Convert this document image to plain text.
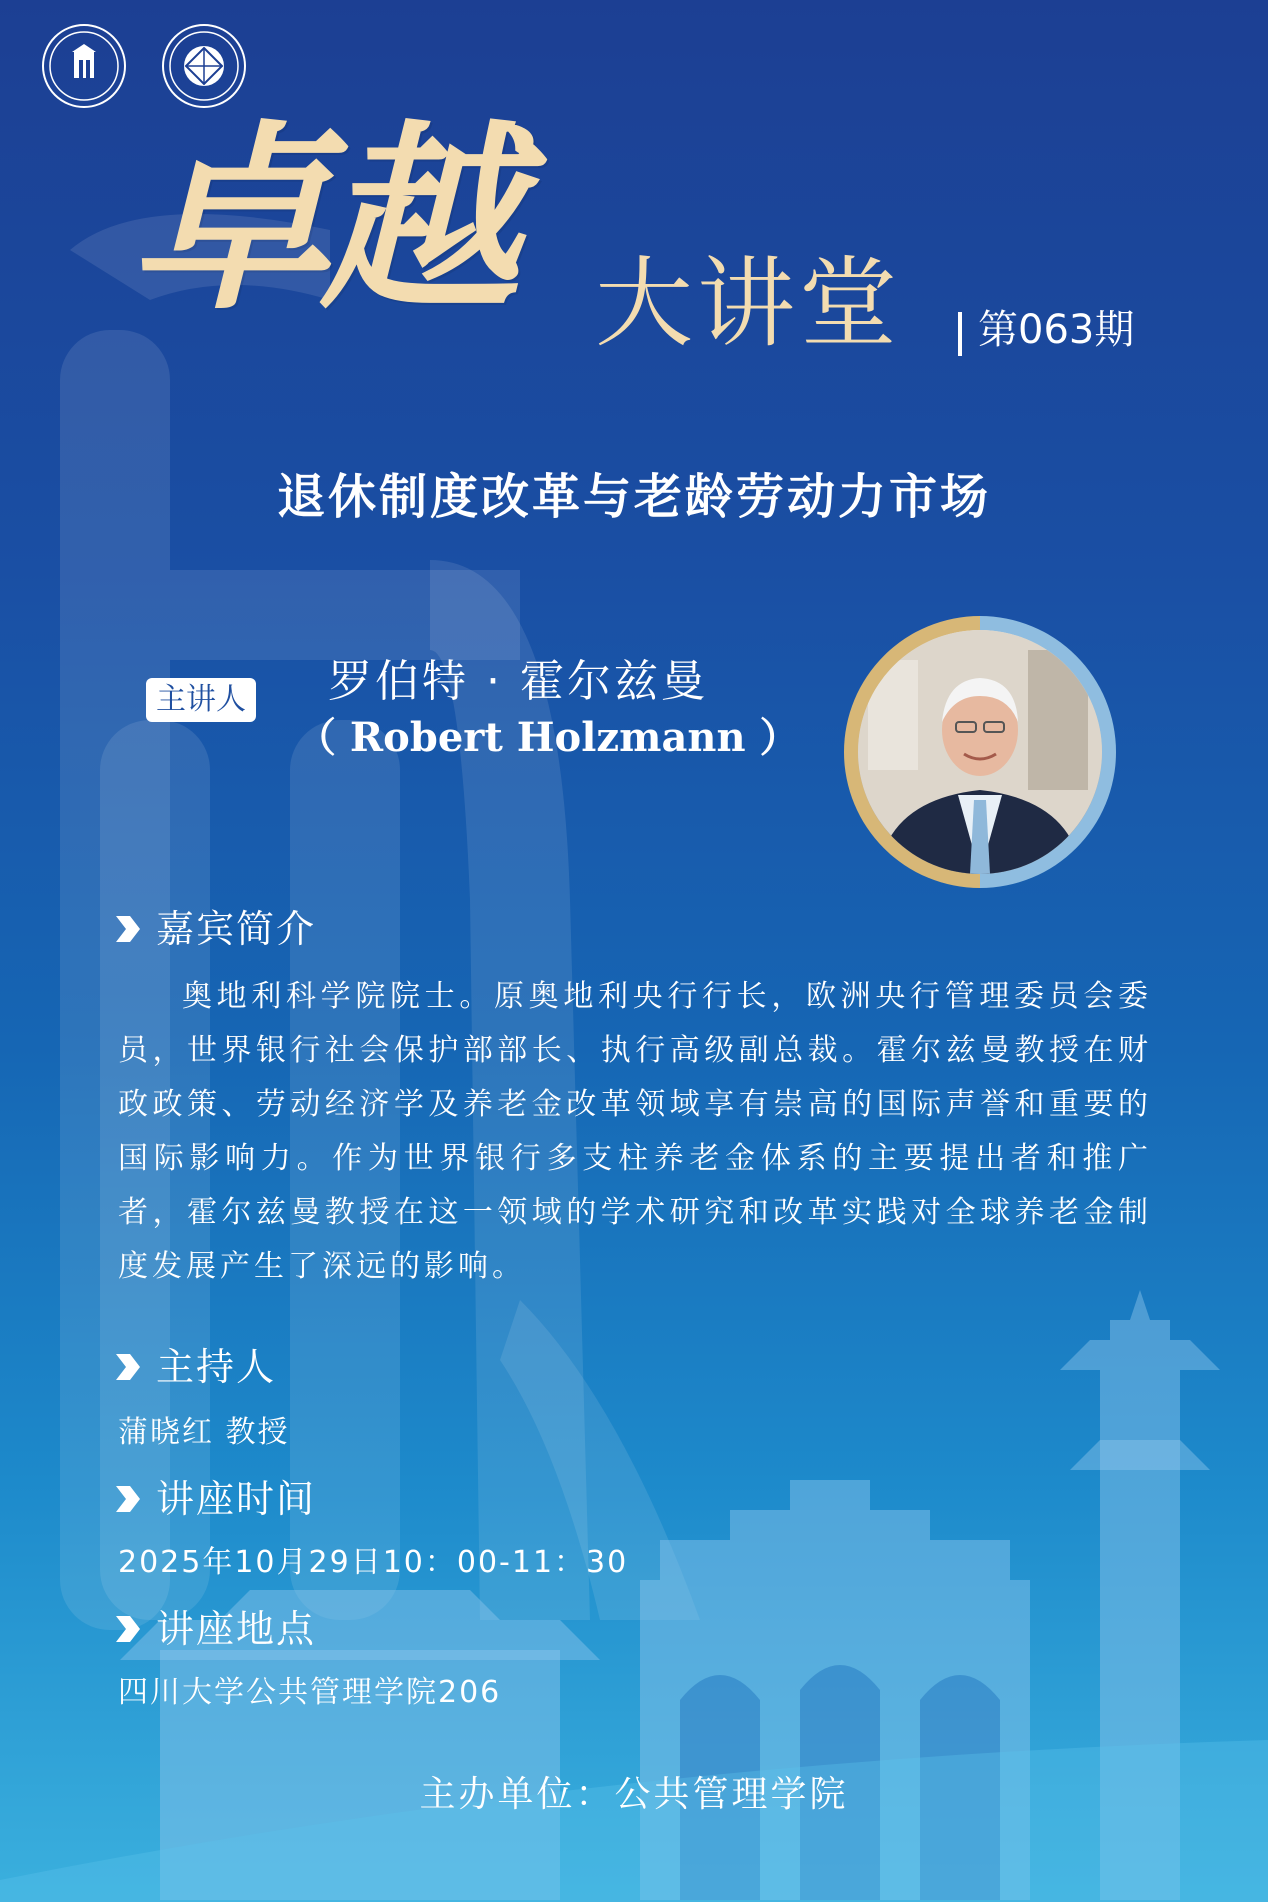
卓越 大讲堂 第063期
退休制度改革与老龄劳动力市场
主讲人 罗伯特 · 霍尔兹曼
（ Robert Holzmann ）
嘉宾简介

奥地利科学院院士。原奥地利央行行长，欧洲央行管理委员会委员，世界银行社会保护部部长、执行高级副总裁。霍尔兹曼教授在财政政策、劳动经济学及养老金改革领域享有崇高的国际声誉和重要的国际影响力。作为世界银行多支柱养老金体系的主要提出者和推广者，霍尔兹曼教授在这一领域的学术研究和改革实践对全球养老金制度发展产生了深远的影响。

主持人
蒲晓红 教授
讲座时间
2025年10月29日10：00-11：30
讲座地点
四川大学公共管理学院206
主办单位：公共管理学院
